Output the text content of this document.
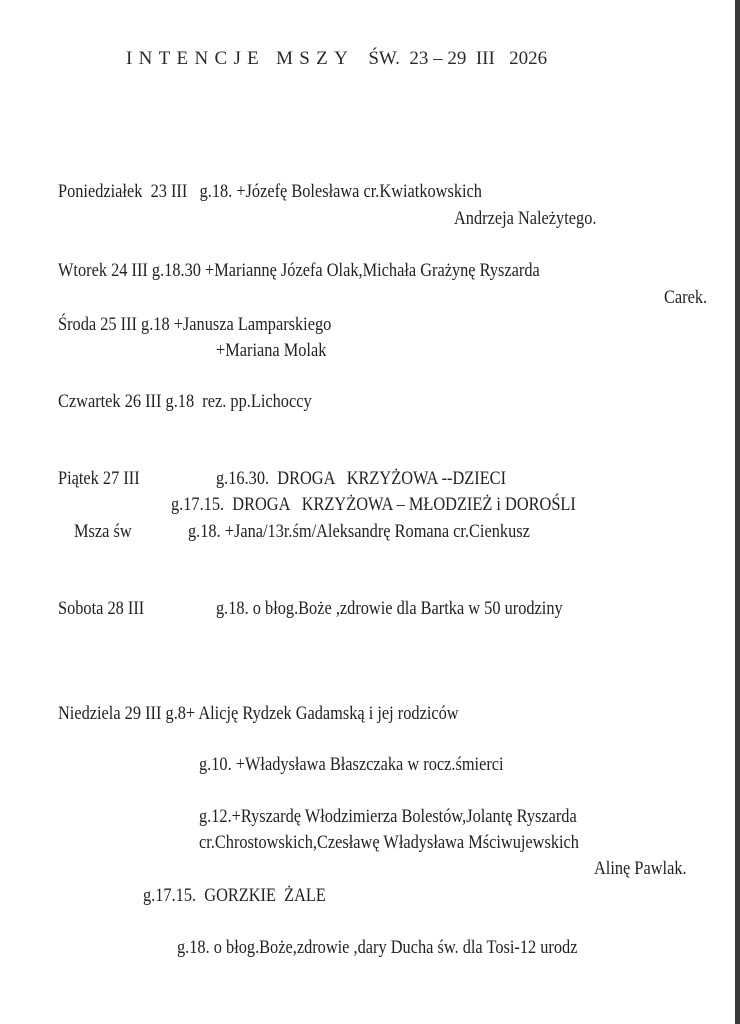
INTENCJE MSZY ŚW.  23 – 29  III   2026
Poniedziałek  23 III   g.18. +Józefę Bolesława cr.Kwiatkowskich
Andrzeja Należytego.
Wtorek 24 III g.18.30 +Mariannę Józefa Olak,Michała Grażynę Ryszarda
Carek.
Środa 25 III g.18 +Janusza Lamparskiego
+Mariana Molak
Czwartek 26 III g.18  rez. pp.Lichoccy
Piątek 27 III	g.16.30.  DROGA   KRZYŻOWA --DZIECI
g.17.15.  DROGA   KRZYŻOWA – MŁODZIEŻ i DOROŚLI
Msza św	g.18. +Jana/13r.śm/Aleksandrę Romana cr.Cienkusz
Sobota 28 III	g.18. o błog.Boże ,zdrowie dla Bartka w 50 urodziny
Niedziela 29 III g.8+ Alicję Rydzek Gadamską i jej rodziców
g.10. +Władysława Błaszczaka w rocz.śmierci
g.12.+Ryszardę Włodzimierza Bolestów,Jolantę Ryszarda
cr.Chrostowskich,Czesławę Władysława Mściwujewskich
Alinę Pawlak.
g.17.15.  GORZKIE  ŻALE
g.18. o błog.Boże,zdrowie ,dary Ducha św. dla Tosi-12 urodz
